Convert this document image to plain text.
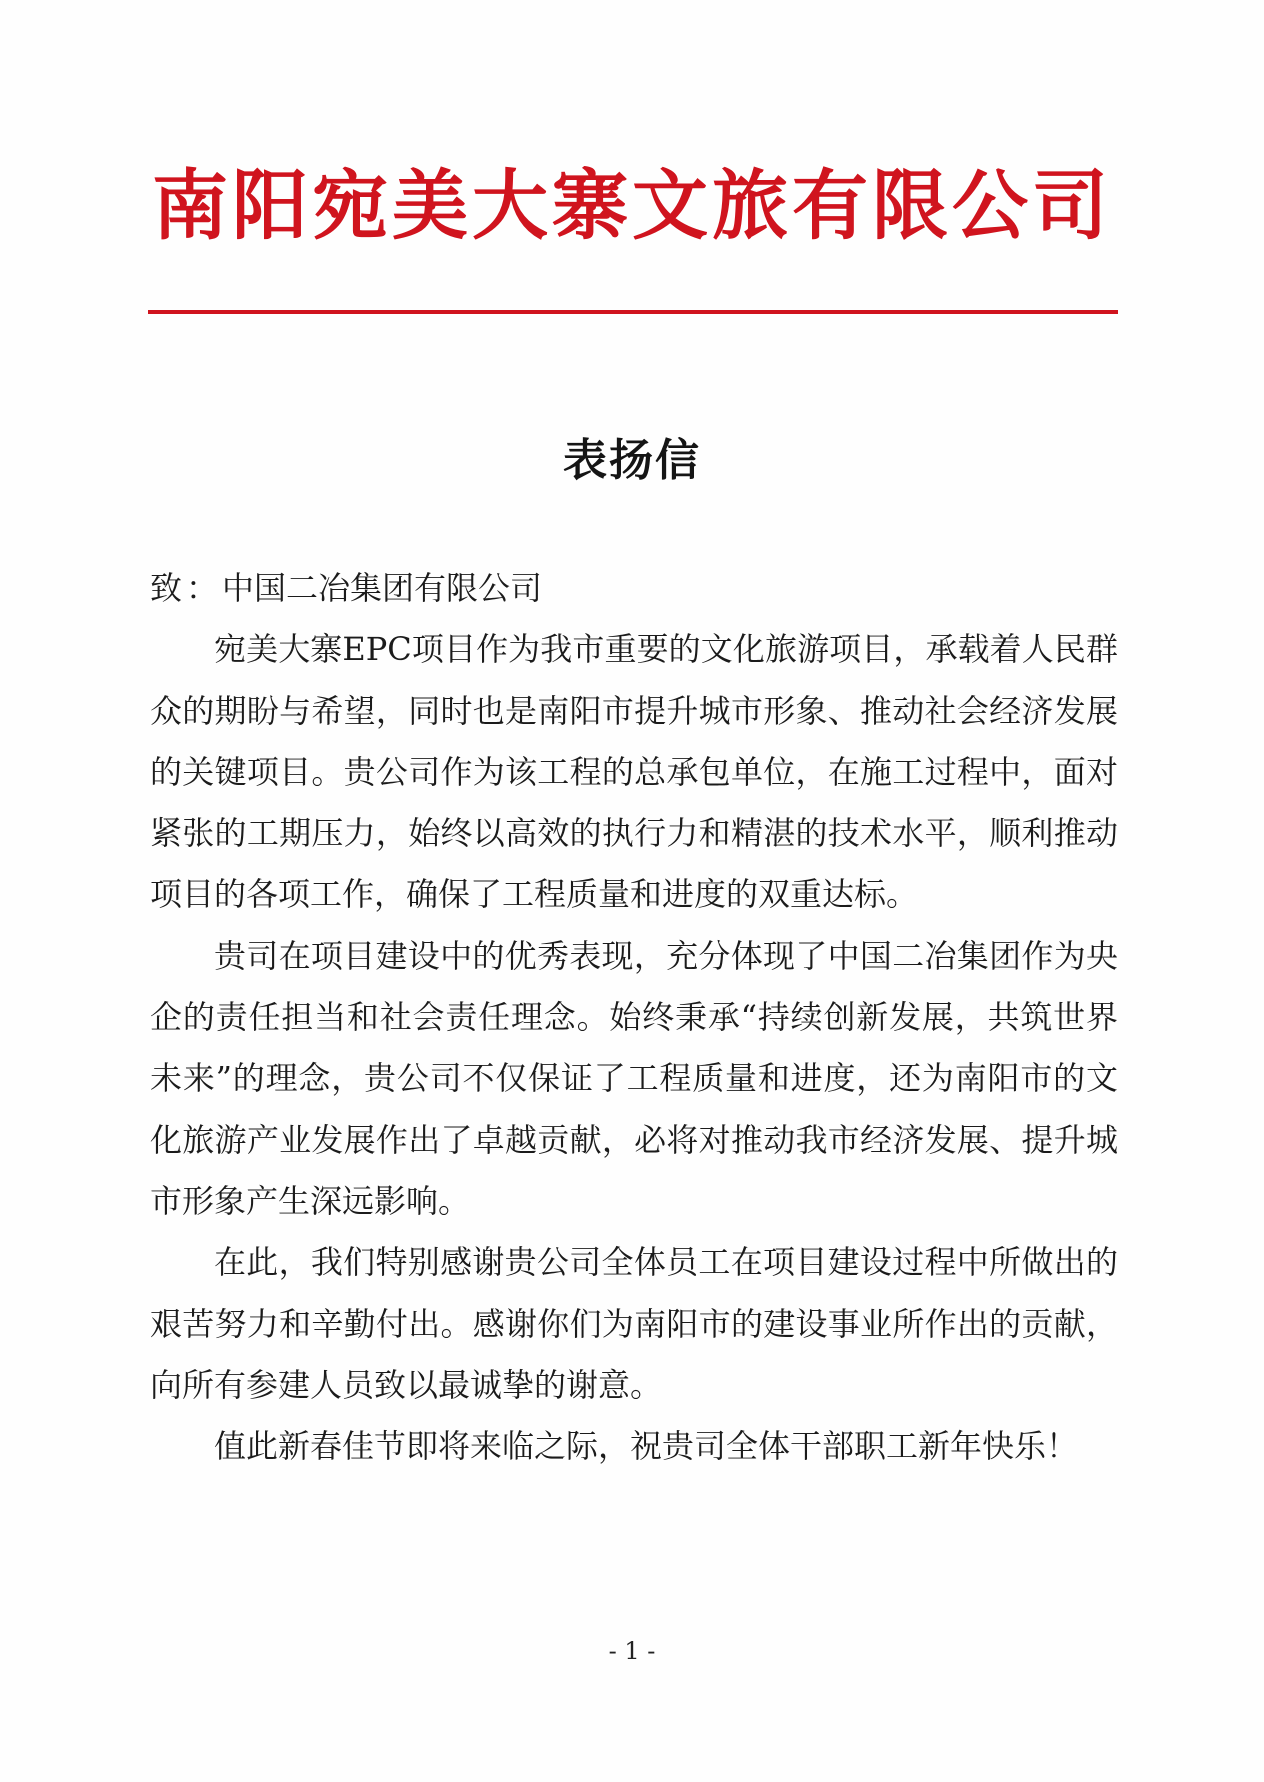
南阳宛美大寨文旅有限公司
表扬信

致：中国二冶集团有限公司

宛美大寨EPC项目作为我市重要的文化旅游项目，承载着人民群众的期盼与希望，同时也是南阳市提升城市形象、推动社会经济发展的关键项目。贵公司作为该工程的总承包单位，在施工过程中，面对紧张的工期压力，始终以高效的执行力和精湛的技术水平，顺利推动项目的各项工作，确保了工程质量和进度的双重达标。

贵司在项目建设中的优秀表现，充分体现了中国二冶集团作为央企的责任担当和社会责任理念。始终秉承“持续创新发展，共筑世界未来”的理念，贵公司不仅保证了工程质量和进度，还为南阳市的文化旅游产业发展作出了卓越贡献，必将对推动我市经济发展、提升城市形象产生深远影响。

在此，我们特别感谢贵公司全体员工在项目建设过程中所做出的艰苦努力和辛勤付出。感谢你们为南阳市的建设事业所作出的贡献，向所有参建人员致以最诚挚的谢意。

值此新春佳节即将来临之际，祝贵司全体干部职工新年快乐！

- 1 -
